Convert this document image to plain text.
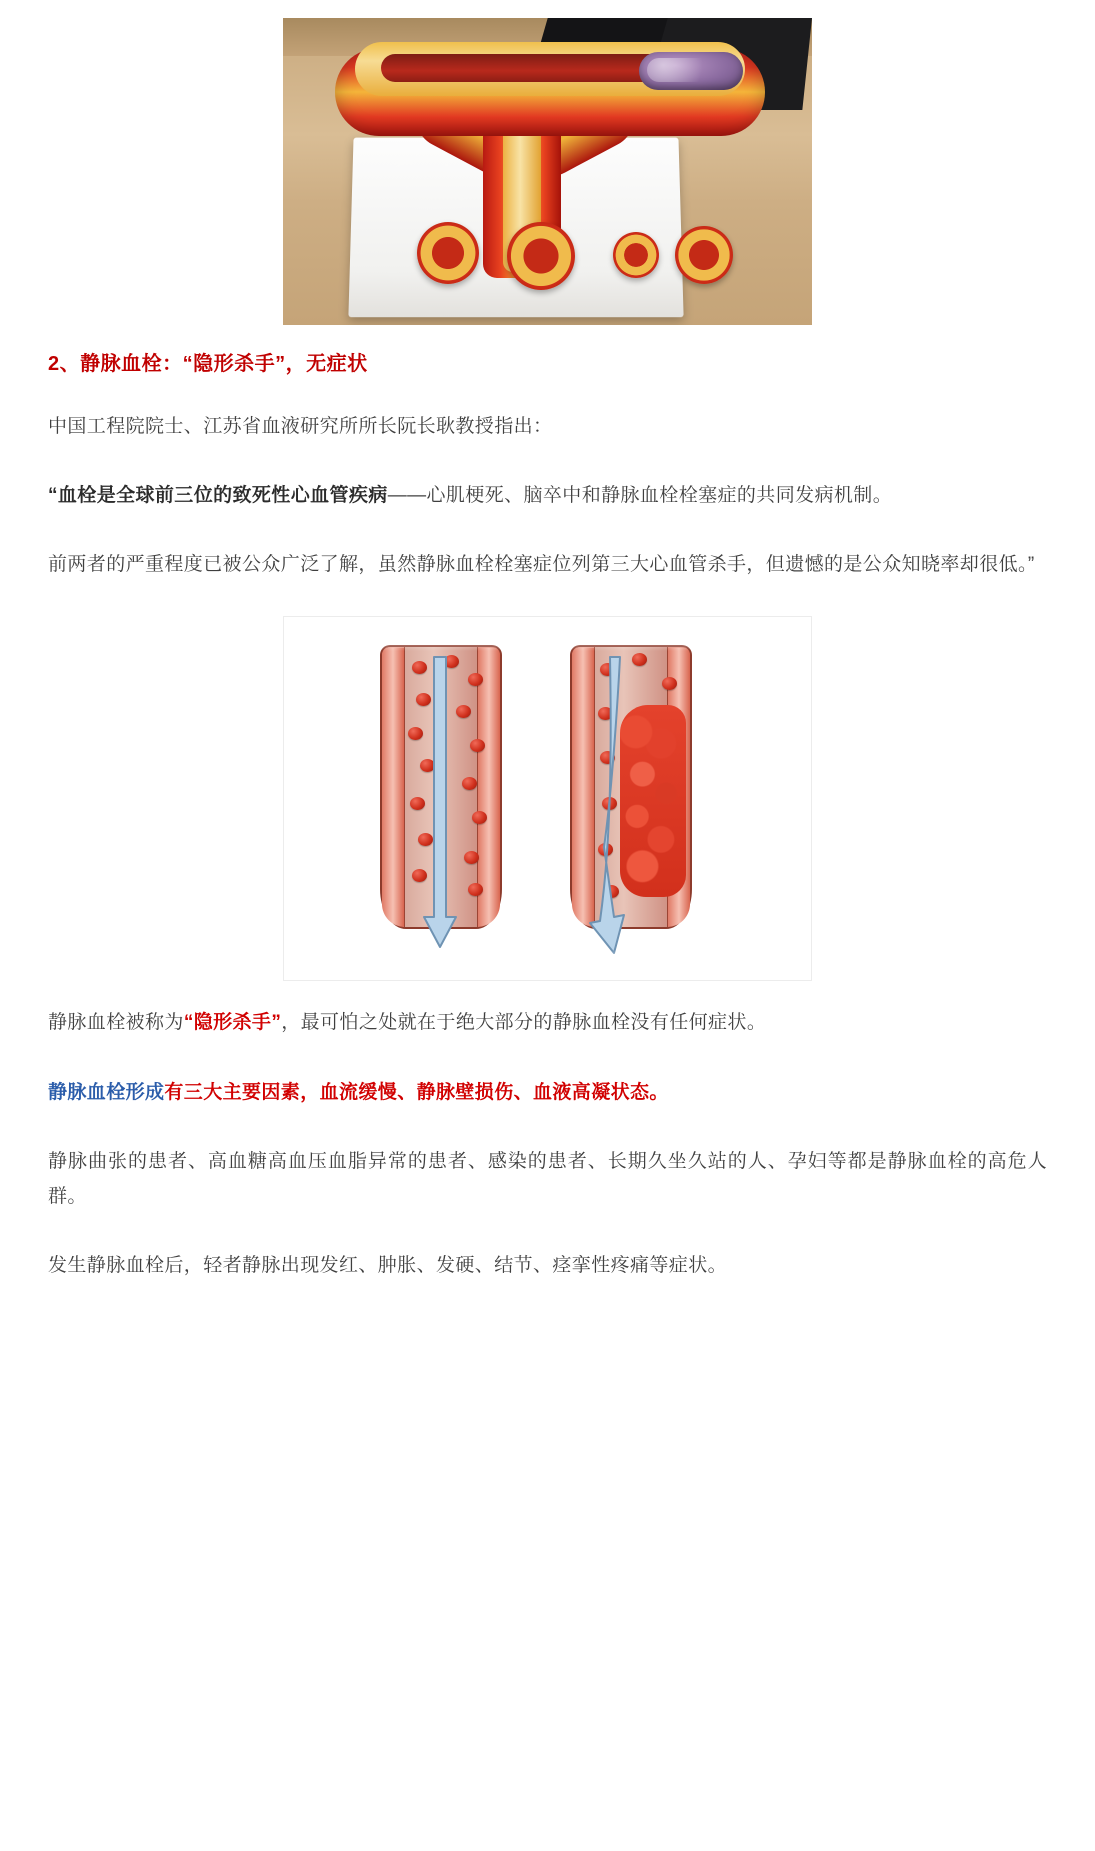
2、静脉血栓：“隐形杀手”，无症状

中国工程院院士、江苏省血液研究所所长阮长耿教授指出：

“血栓是全球前三位的致死性心血管疾病——心肌梗死、脑卒中和静脉血栓栓塞症的共同发病机制。

前两者的严重程度已被公众广泛了解，虽然静脉血栓栓塞症位列第三大心血管杀手，但遗憾的是公众知晓率却很低。”

静脉血栓被称为“隐形杀手”，最可怕之处就在于绝大部分的静脉血栓没有任何症状。

静脉血栓形成有三大主要因素，血流缓慢、静脉壁损伤、血液高凝状态。

静脉曲张的患者、高血糖高血压血脂异常的患者、感染的患者、长期久坐久站的人、孕妇等都是静脉血栓的高危人群。

发生静脉血栓后，轻者静脉出现发红、肿胀、发硬、结节、痉挛性疼痛等症状。
